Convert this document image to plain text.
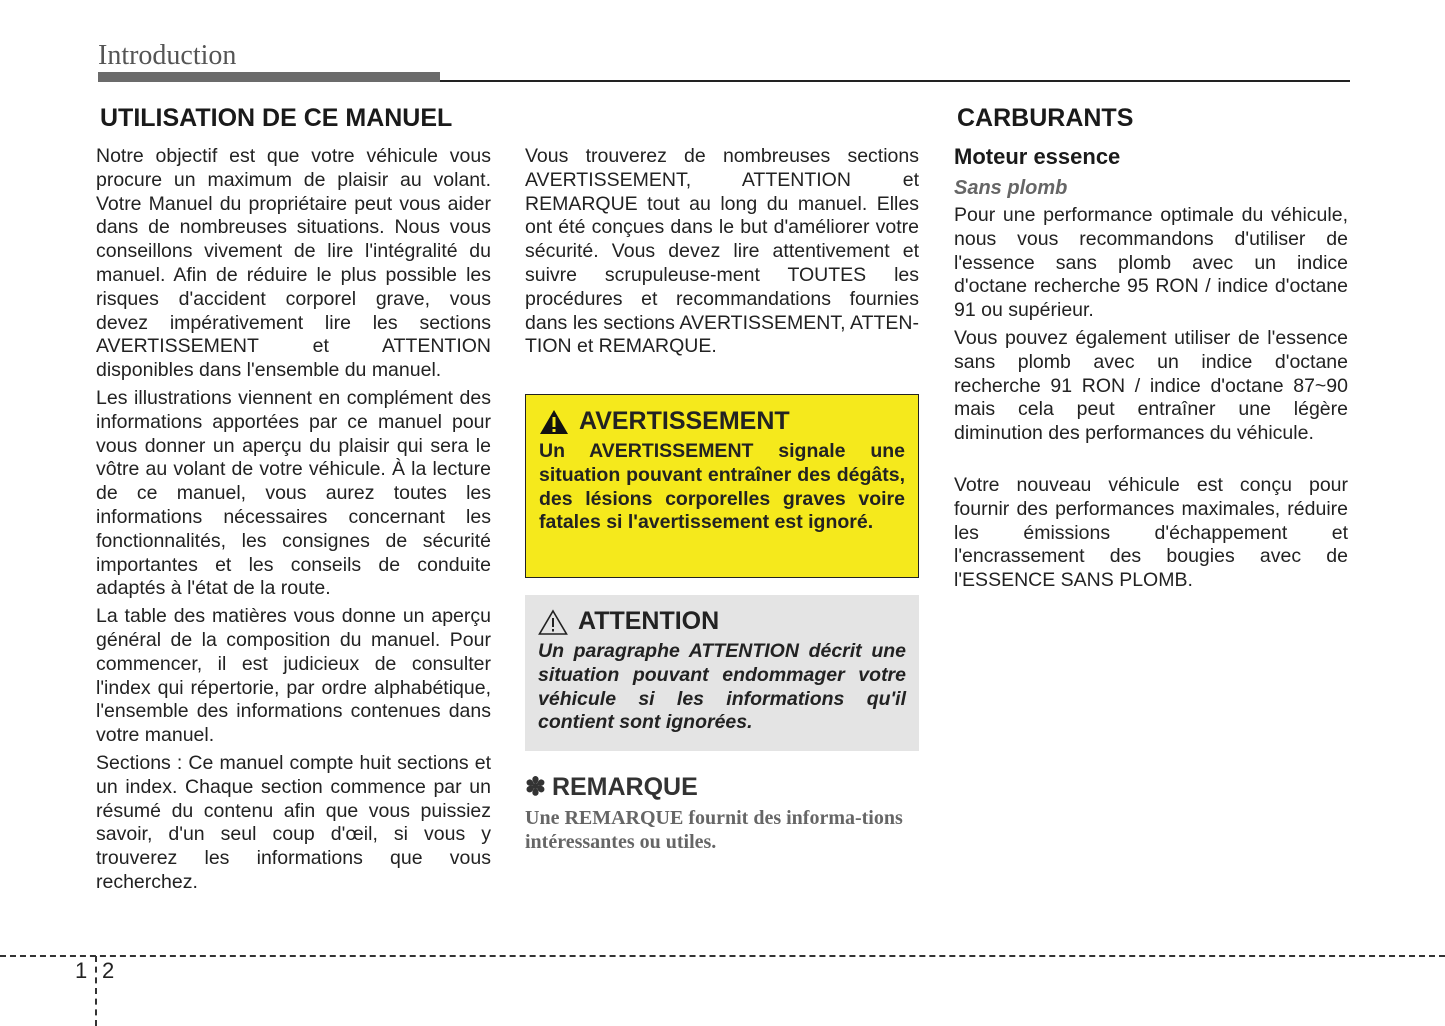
Introduction
UTILISATION DE CE MANUEL

Notre objectif est que votre véhicule vous procure un maximum de plaisir au volant. Votre Manuel du propriétaire peut vous aider dans de nombreuses situations. Nous vous conseillons vivement de lire l'intégralité du manuel. Afin de réduire le plus possible les risques d'accident corporel grave, vous devez impérativement lire les sections AVERTISSEMENT et ATTENTION disponibles dans l'ensemble du manuel.

Les illustrations viennent en complément des informations apportées par ce manuel pour vous donner un aperçu du plaisir qui sera le vôtre au volant de votre véhicule. À la lecture de ce manuel, vous aurez toutes les informations nécessaires concernant les fonctionnalités, les consignes de sécurité importantes et les conseils de conduite adaptés à l'état de la route.

La table des matières vous donne un aperçu général de la composition du manuel. Pour commencer, il est judicieux de consulter l'index qui répertorie, par ordre alphabétique, l'ensemble des informations contenues dans votre manuel.

Sections : Ce manuel compte huit sections et un index. Chaque section commence par un résumé du contenu afin que vous puissiez savoir, d'un seul coup d'œil, si vous y trouverez les informations que vous recherchez.

Vous trouverez de nombreuses sections AVERTISSEMENT, ATTENTION et REMARQUE tout au long du manuel. Elles ont été conçues dans le but d'améliorer votre sécurité. Vous devez lire attentivement et suivre scrupuleuse-ment TOUTES les procédures et recommandations fournies dans les sections AVERTISSEMENT, ATTEN-TION et REMARQUE.

AVERTISSEMENT
Un AVERTISSEMENT signale une situation pouvant entraîner des dégâts, des lésions corporelles graves voire fatales si l'avertissement est ignoré.
ATTENTION
Un paragraphe ATTENTION décrit une situation pouvant endommager votre véhicule si les informations qu'il contient sont ignorées.
✽ REMARQUE
Une REMARQUE fournit des informa-tions intéressantes ou utiles.
CARBURANTS
Moteur essence
Sans plomb

Pour une performance optimale du véhicule, nous vous recommandons d'utiliser de l'essence sans plomb avec un indice d'octane recherche 95 RON / indice d'octane 91 ou supérieur.

Vous pouvez également utiliser de l'essence sans plomb avec un indice d'octane recherche 91 RON / indice d'octane 87~90 mais cela peut entraîner une légère diminution des performances du véhicule.

Votre nouveau véhicule est conçu pour fournir des performances maximales, réduire les émissions d'échappement et l'encrassement des bougies avec de l'ESSENCE SANS PLOMB.

1 2
